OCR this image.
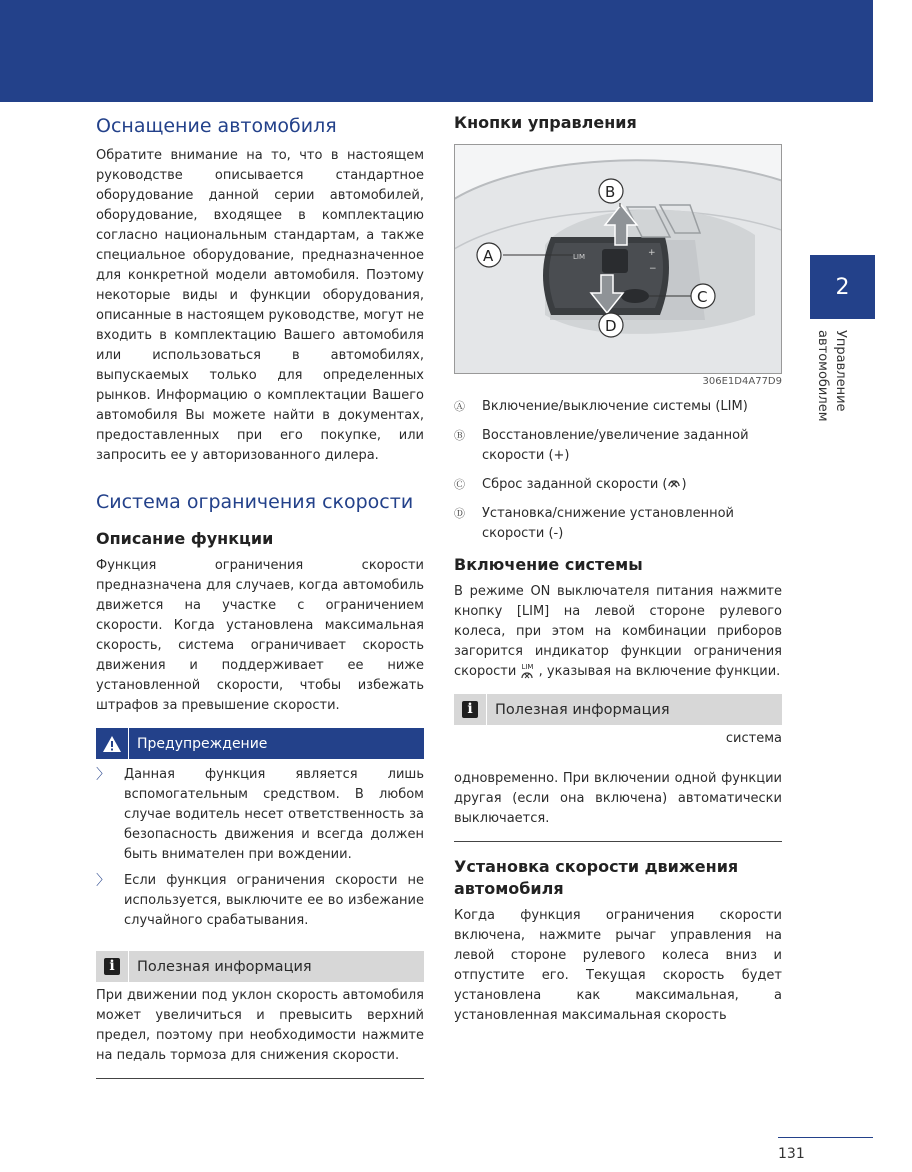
Оснащение автомобиля

Обратите внимание на то, что в настоящем руководстве описывается стандартное оборудование данной серии автомобилей, оборудование, входящее в комплектацию согласно национальным стандартам, а также специальное оборудование, предназначенное для конкретной модели автомобиля. Поэтому некоторые виды и функции оборудования, описанные в настоящем руководстве, могут не входить в комплектацию Вашего автомобиля или использоваться в автомобилях, выпускаемых только для определенных рынков. Информацию о комплектации Вашего автомобиля Вы можете найти в документах, предоставленных при его покупке, или запросить ее у авторизованного дилера.

Система ограничения скорости
Описание функции

Функция ограничения скорости предназначена для случаев, когда автомобиль движется на участке с ограничением скорости. Когда установлена максимальная скорость, система ограничивает скорость движения и поддерживает ее ниже установленной скорости, чтобы избежать штрафов за превышение скорости.

Предупреждение
〉	Данная функция является лишь вспомогательным средством. В любом случае водитель несет ответственность за безопасность движения и всегда должен быть внимателен при вождении.

〉	Если функция ограничения скорости не используется, выключите ее во избежание случайного срабатывания.

i	Полезная информация

При движении под уклон скорость автомобиля может увеличиться и превысить верхний предел, поэтому при необходимости нажмите на педаль тормоза для снижения скорости.

Кнопки управления
LIM	+
−
A
B
C
D
306E1D4A77D9
Ⓐ	Включение/выключение системы (LIM)

Ⓑ	Восстановление/увеличение заданной скорости (+)

Ⓒ	Сброс заданной скорости ( )

Ⓓ	Установка/снижение установленной скорости (-)

Включение системы

В режиме ON выключателя питания нажмите кнопку [LIM] на левой стороне рулевого колеса, при этом на комбинации приборов загорится индикатор функции ограничения скорости LIM , указывая на включение функции.

i	Полезная информация

система

одновременно. При включении одной функции другая (если она включена) автоматически выключается.

Установка скорости движения автомобиля

Когда функция ограничения скорости включена, нажмите рычаг управления на левой стороне рулевого колеса вниз и отпустите его. Текущая скорость будет установлена как максимальная, а установленная максимальная скорость

2
Управление
автомобилем
131
